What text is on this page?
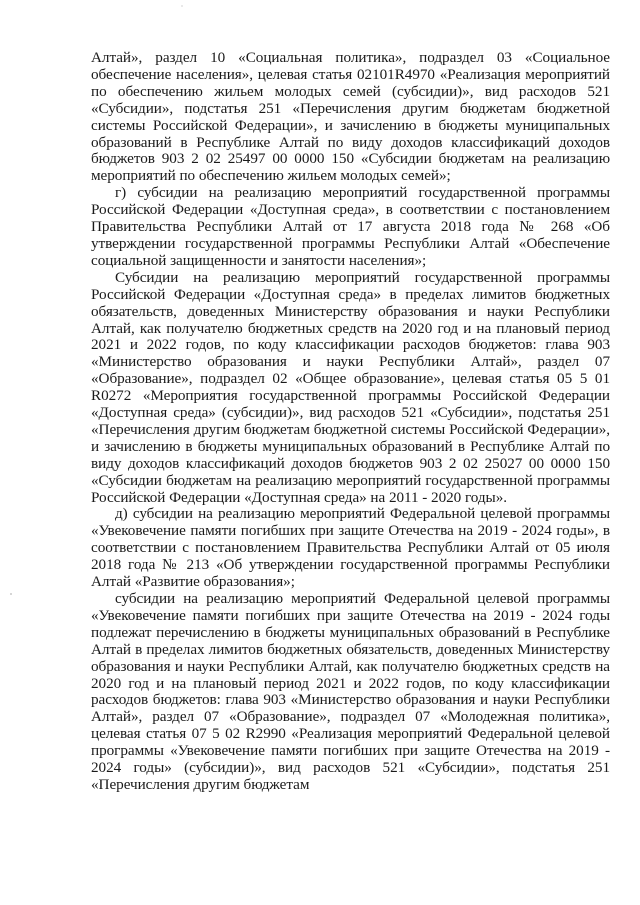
Алтай», раздел 10 «Социальная политика», подраздел 03 «Социальное обеспечение населения», целевая статья 02101R4970 «Реализация мероприятий по обеспечению жильем молодых семей (субсидии)», вид расходов 521 «Субсидии», подстатья 251 «Перечисления другим бюджетам бюджетной системы Российской Федерации», и зачислению в бюджеты муниципальных образований в Республике Алтай по виду доходов классификаций доходов бюджетов 903 2 02 25497 00 0000 150 «Субсидии бюджетам на реализацию мероприятий по обеспечению жильем молодых семей»;

г) субсидии на реализацию мероприятий государственной программы Российской Федерации «Доступная среда», в соответствии с постановлением Правительства Республики Алтай от 17 августа 2018 года № 268 «Об утверждении государственной программы Республики Алтай «Обеспечение социальной защищенности и занятости населения»;

Субсидии на реализацию мероприятий государственной программы Российской Федерации «Доступная среда» в пределах лимитов бюджетных обязательств, доведенных Министерству образования и науки Республики Алтай, как получателю бюджетных средств на 2020 год и на плановый период 2021 и 2022 годов, по коду классификации расходов бюджетов: глава 903 «Министерство образования и науки Республики Алтай», раздел 07 «Образование», подраздел 02 «Общее образование», целевая статья 05 5 01 R0272 «Мероприятия государственной программы Российской Федерации «Доступная среда» (субсидии)», вид расходов 521 «Субсидии», подстатья 251 «Перечисления другим бюджетам бюджетной системы Российской Федерации», и зачислению в бюджеты муниципальных образований в Республике Алтай по виду доходов классификаций доходов бюджетов 903 2 02 25027 00 0000 150 «Субсидии бюджетам на реализацию мероприятий государственной программы Российской Федерации «Доступная среда» на 2011 - 2020 годы».

д) субсидии на реализацию мероприятий Федеральной целевой программы «Увековечение памяти погибших при защите Отечества на 2019 - 2024 годы», в соответствии с постановлением Правительства Республики Алтай от 05 июля 2018 года № 213 «Об утверждении государственной программы Республики Алтай «Развитие образования»;

субсидии на реализацию мероприятий Федеральной целевой программы «Увековечение памяти погибших при защите Отечества на 2019 - 2024 годы подлежат перечислению в бюджеты муниципальных образований в Республике Алтай в пределах лимитов бюджетных обязательств, доведенных Министерству образования и науки Республики Алтай, как получателю бюджетных средств на 2020 год и на плановый период 2021 и 2022 годов, по коду классификации расходов бюджетов: глава 903 «Министерство образования и науки Республики Алтай», раздел 07 «Образование», подраздел 07 «Молодежная политика», целевая статья 07 5 02 R2990 «Реализация мероприятий Федеральной целевой программы «Увековечение памяти погибших при защите Отечества на 2019 - 2024 годы» (субсидии)», вид расходов 521 «Субсидии», подстатья 251 «Перечисления другим бюджетам
